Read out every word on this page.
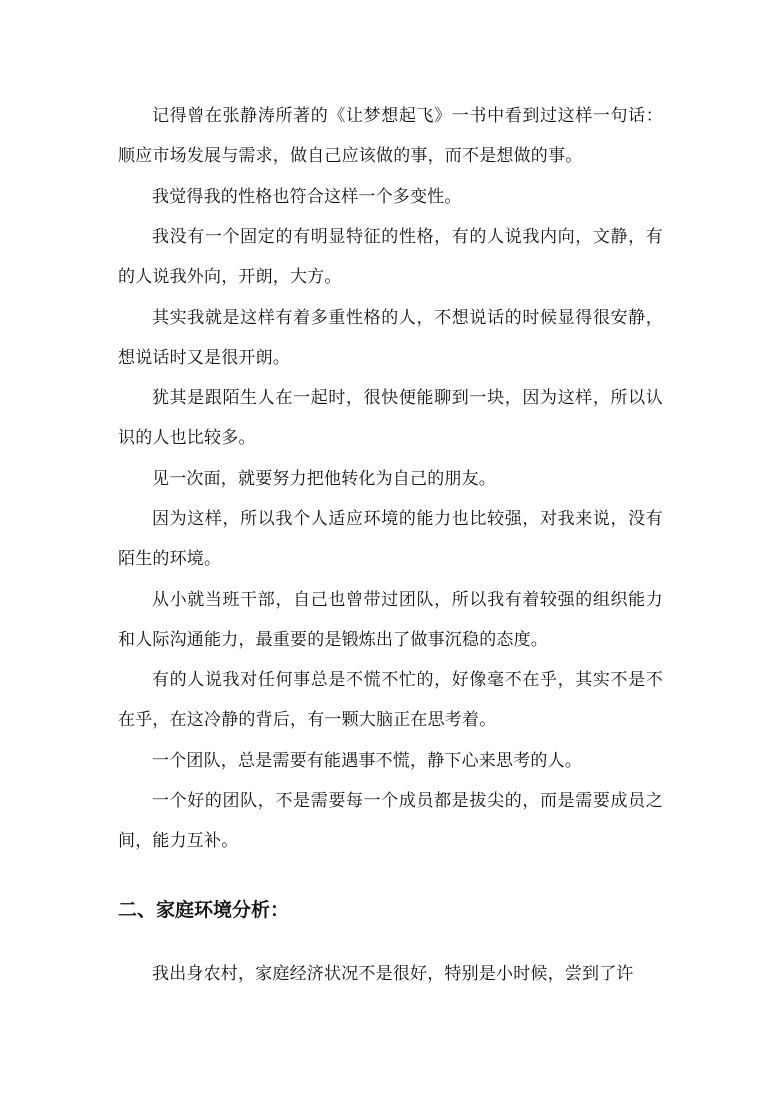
记得曾在张静涛所著的《让梦想起飞》一书中看到过这样一句话：顺应市场发展与需求，做自己应该做的事，而不是想做的事。

我觉得我的性格也符合这样一个多变性。

我没有一个固定的有明显特征的性格，有的人说我内向，文静，有的人说我外向，开朗，大方。

其实我就是这样有着多重性格的人，不想说话的时候显得很安静，想说话时又是很开朗。

犹其是跟陌生人在一起时，很快便能聊到一块，因为这样，所以认识的人也比较多。

见一次面，就要努力把他转化为自己的朋友。

因为这样，所以我个人适应环境的能力也比较强，对我来说，没有陌生的环境。

从小就当班干部，自己也曾带过团队，所以我有着较强的组织能力和人际沟通能力，最重要的是锻炼出了做事沉稳的态度。

有的人说我对任何事总是不慌不忙的，好像毫不在乎，其实不是不在乎，在这冷静的背后，有一颗大脑正在思考着。

一个团队，总是需要有能遇事不慌，静下心来思考的人。

一个好的团队，不是需要每一个成员都是拔尖的，而是需要成员之间，能力互补。

二、家庭环境分析：

我出身农村，家庭经济状况不是很好，特别是小时候，尝到了许
